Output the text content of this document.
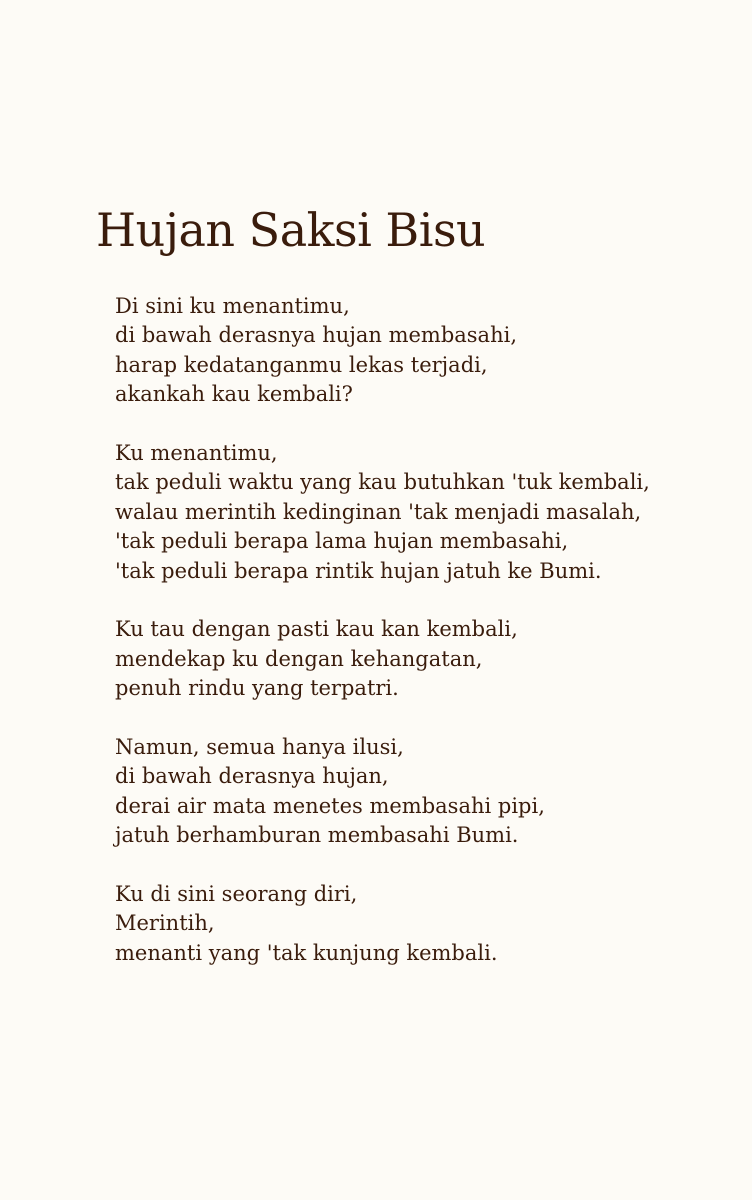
Hujan Saksi Bisu
Di sini ku menantimu,
di bawah derasnya hujan membasahi,
harap kedatanganmu lekas terjadi,
akankah kau kembali?
Ku menantimu,
tak peduli waktu yang kau butuhkan 'tuk kembali,
walau merintih kedinginan 'tak menjadi masalah,
'tak peduli berapa lama hujan membasahi,
'tak peduli berapa rintik hujan jatuh ke Bumi.
Ku tau dengan pasti kau kan kembali,
mendekap ku dengan kehangatan,
penuh rindu yang terpatri.
Namun, semua hanya ilusi,
di bawah derasnya hujan,
derai air mata menetes membasahi pipi,
jatuh berhamburan membasahi Bumi.
Ku di sini seorang diri,
Merintih,
menanti yang 'tak kunjung kembali.
